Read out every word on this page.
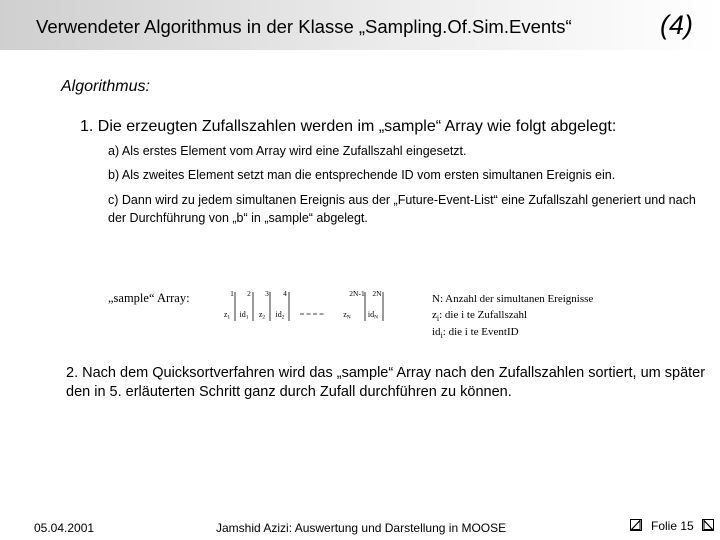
Verwendeter Algorithmus in der Klasse „Sampling.Of.Sim.Events“	(4)
Algorithmus:
1. Die erzeugten Zufallszahlen werden im „sample“ Array wie folgt abgelegt:
a) Als erstes Element vom Array wird eine Zufallszahl eingesetzt.
b) Als zweites Element setzt man die entsprechende ID vom ersten simultanen Ereignis ein.
c) Dann wird zu jedem simultanen Ereignis aus der „Future-Event-List“ eine Zufallszahl generiert und nach der Durchführung von „b“ in „sample“ abgelegt.
„sample“ Array:	1 2 3 4	2N-1 2N
z1 id1 z2 id2	zN idN
N: Anzahl der simultanen Ereignisse
$z_i$: die i te Zufallszahl
$id_i$: die i te EventID
2. Nach dem Quicksortverfahren wird das „sample“ Array nach den Zufallszahlen sortiert, um später den in 5. erläuterten Schritt ganz durch Zufall durchführen zu können.
05.04.2001	Jamshid Azizi: Auswertung und Darstellung in MOOSE	Folie 15
